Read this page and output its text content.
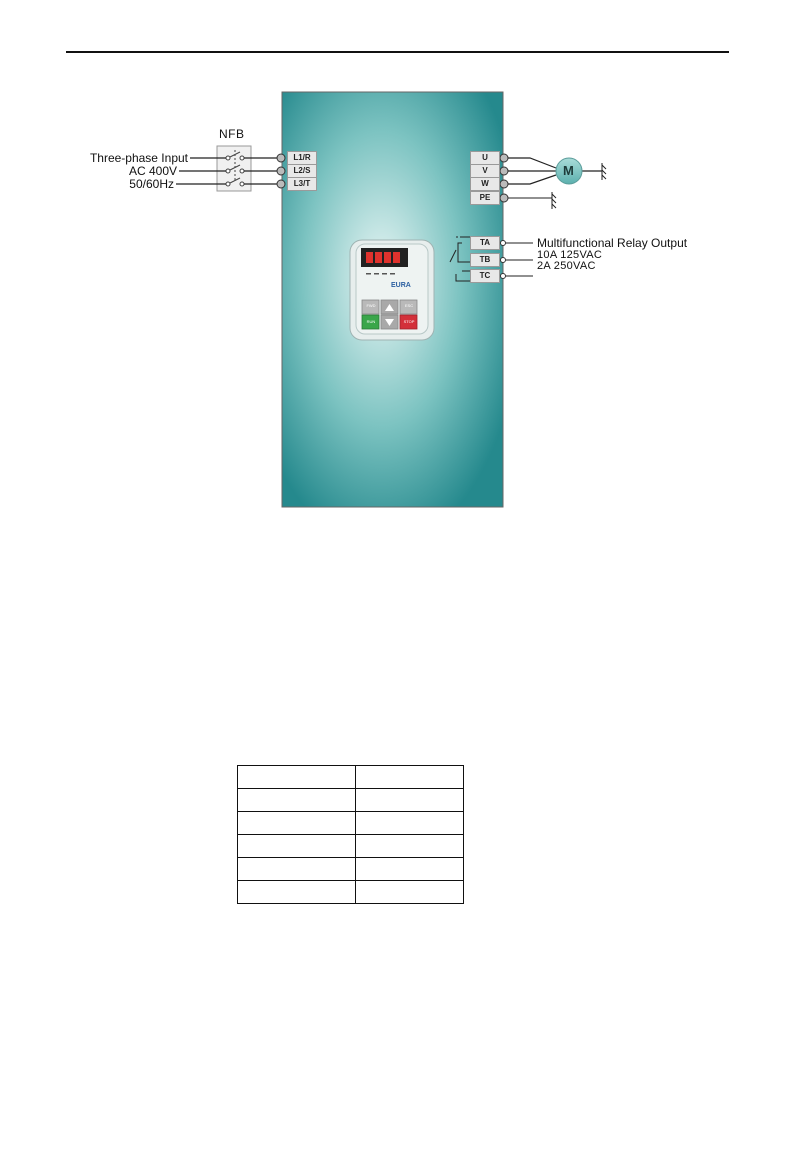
NFB
Three-phase Input
AC 400V
50/60Hz
L1/R
L2/S
L3/T
U
V
W
PE
M
TA
TB
TC
Multifunctional Relay Output
10A 125VAC
2A 250VAC
EURA
FWD	ESC
RUN	STOP
